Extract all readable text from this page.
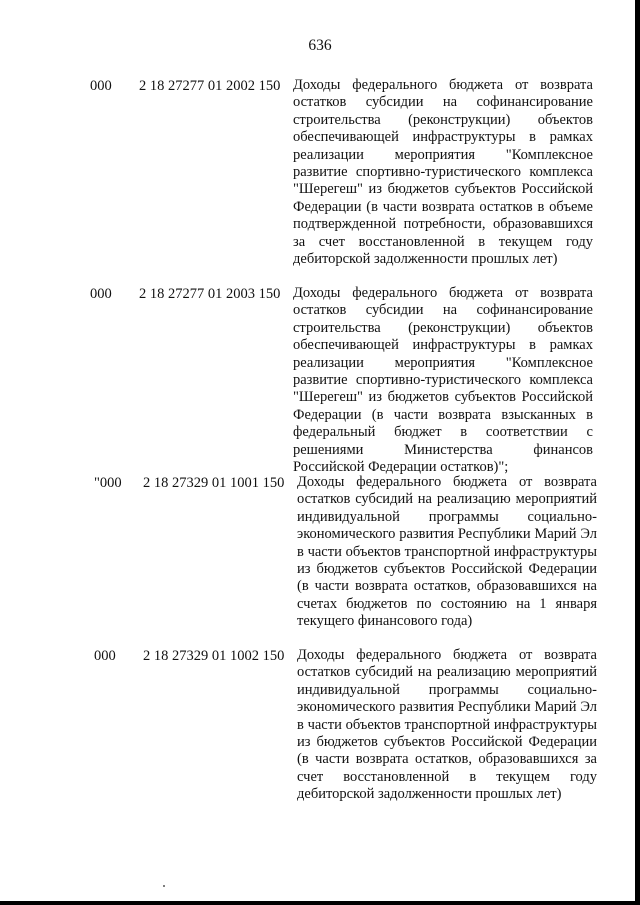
636
000 2 18 27277 01 2002 150 Доходы федерального бюджета от возврата остатков субсидии на софинансирование строительства (реконструкции) объектов обеспечивающей инфраструктуры в рамках реализации мероприятия "Комплексное развитие спортивно-туристического комплекса "Шерегеш" из бюджетов субъектов Российской Федерации (в части возврата остатков в объеме подтвержденной потребности, образовавшихся за счет восстановленной в текущем году дебиторской задолженности прошлых лет)
000 2 18 27277 01 2003 150 Доходы федерального бюджета от возврата остатков субсидии на софинансирование строительства (реконструкции) объектов обеспечивающей инфраструктуры в рамках реализации мероприятия "Комплексное развитие спортивно-туристического комплекса "Шерегеш" из бюджетов субъектов Российской Федерации (в части возврата взысканных в федеральный бюджет в соответствии с решениями Министерства финансов Российской Федерации остатков)";
"000 2 18 27329 01 1001 150 Доходы федерального бюджета от возврата остатков субсидий на реализацию мероприятий индивидуальной программы социально-экономического развития Республики Марий Эл в части объектов транспортной инфраструктуры из бюджетов субъектов Российской Федерации (в части возврата остатков, образовавшихся на счетах бюджетов по состоянию на 1 января текущего финансового года)
000 2 18 27329 01 1002 150 Доходы федерального бюджета от возврата остатков субсидий на реализацию мероприятий индивидуальной программы социально-экономического развития Республики Марий Эл в части объектов транспортной инфраструктуры из бюджетов субъектов Российской Федерации (в части возврата остатков, образовавшихся за счет восстановленной в текущем году дебиторской задолженности прошлых лет)
